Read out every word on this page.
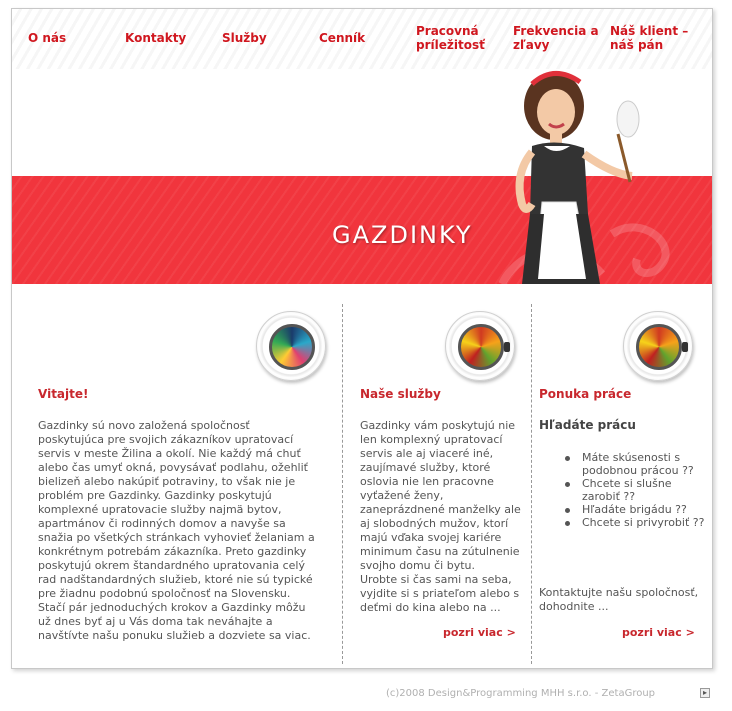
O nás	Kontakty	Služby	Cenník	Pracovná príležitosť
Frekvencia a zľavy
Náš klient – náš pán
GAZDINKY
Vitajte!

Gazdinky sú novo založená spoločnosť poskytujúca pre svojich zákazníkov upratovací servis v meste Žilina a okolí. Nie každý má chuť alebo čas umyť okná, povysávať podlahu, ožehliť bielizeň alebo nakúpiť potraviny, to však nie je problém pre Gazdinky. Gazdinky poskytujú komplexné upratovacie služby najmä bytov, apartmánov či rodinných domov a navyše sa snažia po všetkých stránkach vyhovieť želaniam a konkrétnym potrebám zákazníka. Preto gazdinky poskytujú okrem štandardného upratovania celý rad nadštandardných služieb, ktoré nie sú typické pre žiadnu podobnú spoločnosť na Slovensku. Stačí pár jednoduchých krokov a Gazdinky môžu už dnes byť aj u Vás doma tak neváhajte a navštívte našu ponuku služieb a dozviete sa viac.

Naše služby

Gazdinky vám poskytujú nie len komplexný upratovací servis ale aj viaceré iné, zaujímavé služby, ktoré oslovia nie len pracovne vyťažené ženy, zaneprázdnené manželky ale aj slobodných mužov, ktorí majú vďaka svojej kariére minimum času na zútulnenie svojho domu či bytu.

Urobte si čas sami na seba, vyjdite si s priateľom alebo s deťmi do kina alebo na ...

pozri viac >
Ponuka práce
Hľadáte prácu
Máte skúsenosti s podobnou prácou ??
Chcete si slušne zarobiť ??
Hľadáte brigádu ??
Chcete si privyrobiť ??

Kontaktujte našu spoločnosť, dohodnite ...

pozri viac >
(c)2008 Design&Programming MHH s.r.o. - ZetaGroup	▸
